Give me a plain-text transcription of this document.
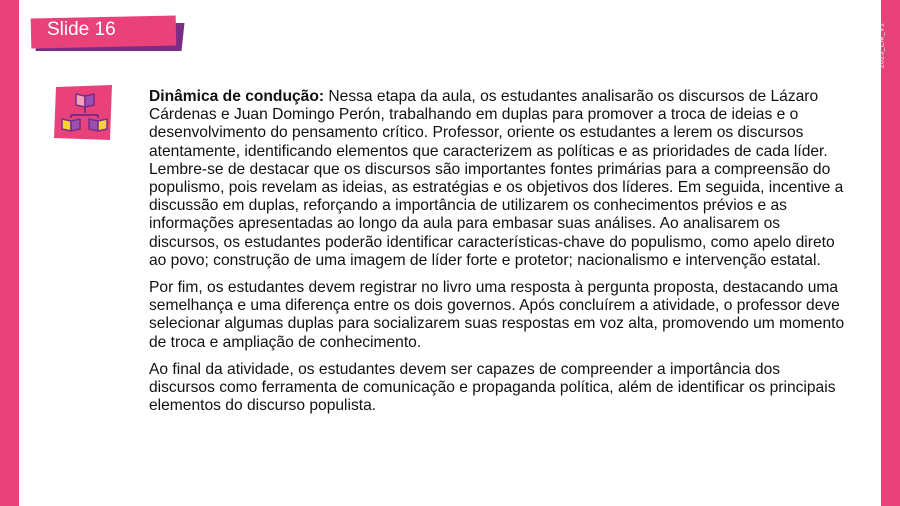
2025_EM_V1
Slide 16

Dinâmica de condução: Nessa etapa da aula, os estudantes analisarão os discursos de Lázaro Cárdenas e Juan Domingo Perón, trabalhando em duplas para promover a troca de ideias e o desenvolvimento do pensamento crítico. Professor, oriente os estudantes a lerem os discursos atentamente, identificando elementos que caracterizem as políticas e as prioridades de cada líder. Lembre-se de destacar que os discursos são importantes fontes primárias para a compreensão do populismo, pois revelam as ideias, as estratégias e os objetivos dos líderes. Em seguida, incentive a discussão em duplas, reforçando a importância de utilizarem os conhecimentos prévios e as informações apresentadas ao longo da aula para embasar suas análises. Ao analisarem os discursos, os estudantes poderão identificar características-chave do populismo, como apelo direto ao povo; construção de uma imagem de líder forte e protetor; nacionalismo e intervenção estatal.

Por fim, os estudantes devem registrar no livro uma resposta à pergunta proposta, destacando uma semelhança e uma diferença entre os dois governos. Após concluírem a atividade, o professor deve selecionar algumas duplas para socializarem suas respostas em voz alta, promovendo um momento de troca e ampliação de conhecimento.

Ao final da atividade, os estudantes devem ser capazes de compreender a importância dos discursos como ferramenta de comunicação e propaganda política, além de identificar os principais elementos do discurso populista.
